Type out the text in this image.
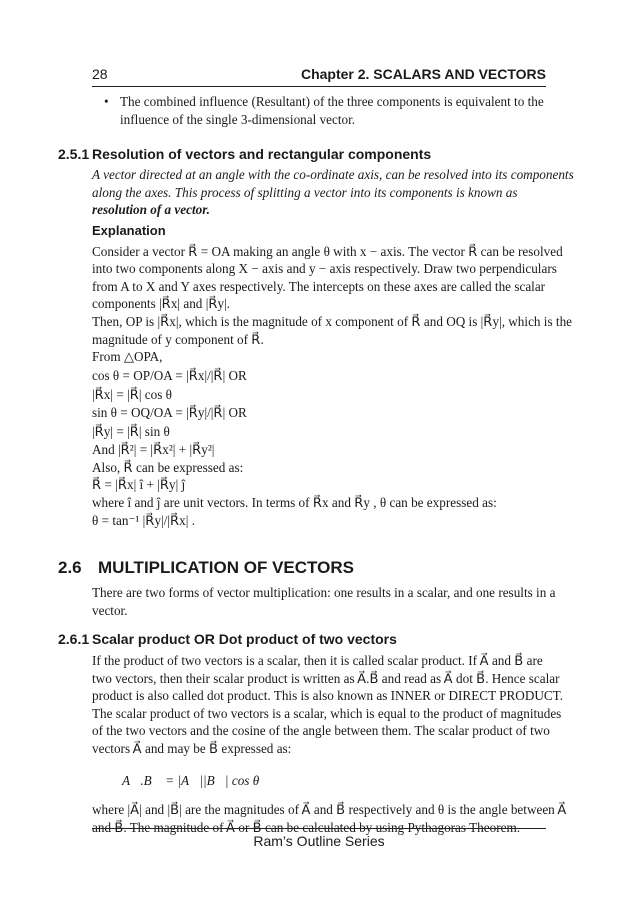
28	Chapter 2. SCALARS AND VECTORS
• The combined influence (Resultant) of the three components is equivalent to the influence of the single 3-dimensional vector.
2.5.1 Resolution of vectors and rectangular components
A vector directed at an angle with the co-ordinate axis, can be resolved into its components
along the axes. This process of splitting a vector into its components is known as resolution of a vector.
Explanation
Consider a vector R⃗ = OA making an angle θ with x − axis. The vector R⃗ can be resolved
into two components along X − axis and y − axis respectively. Draw two perpendiculars
from A to X and Y axes respectively. The intercepts on these axes are called the scalar
components |R⃗x| and |R⃗y|.
Then, OP is |R⃗x|, which is the magnitude of x component of R⃗ and OQ is |R⃗y|, which is the
magnitude of y component of R⃗.
From △OPA,
cos θ = OP/OA = |R⃗x|/|R⃗| OR
|R⃗x| = |R⃗| cos θ
sin θ = OQ/OA = |R⃗y|/|R⃗| OR
|R⃗y| = |R⃗| sin θ
And |R⃗²| = |R⃗x²| + |R⃗y²|
Also, R⃗ can be expressed as:
R⃗ = |R⃗x| î + |R⃗y| ĵ
where î and ĵ are unit vectors. In terms of R⃗x and R⃗y , θ can be expressed as:
θ = tan⁻¹ |R⃗y|/|R⃗x| .
2.6 MULTIPLICATION OF VECTORS
There are two forms of vector multiplication: one results in a scalar, and one results in a
vector.
2.6.1 Scalar product OR Dot product of two vectors
If the product of two vectors is a scalar, then it is called scalar product. If A⃗ and B⃗ are
two vectors, then their scalar product is written as A⃗.B⃗ and read as A⃗ dot B⃗. Hence scalar
product is also called dot product. This is also known as INNER or DIRECT PRODUCT.
The scalar product of two vectors is a scalar, which is equal to the product of magnitudes
of the two vectors and the cosine of the angle between them. The scalar product of two
vectors A⃗ and may be B⃗ expressed as:
A⃗.B⃗ = |A⃗||B⃗| cos θ
where |A⃗| and |B⃗| are the magnitudes of A⃗ and B⃗ respectively and θ is the angle between A⃗
and B⃗. The magnitude of A⃗ or B⃗ can be calculated by using Pythagoras Theorem.
Ram’s Outline Series
